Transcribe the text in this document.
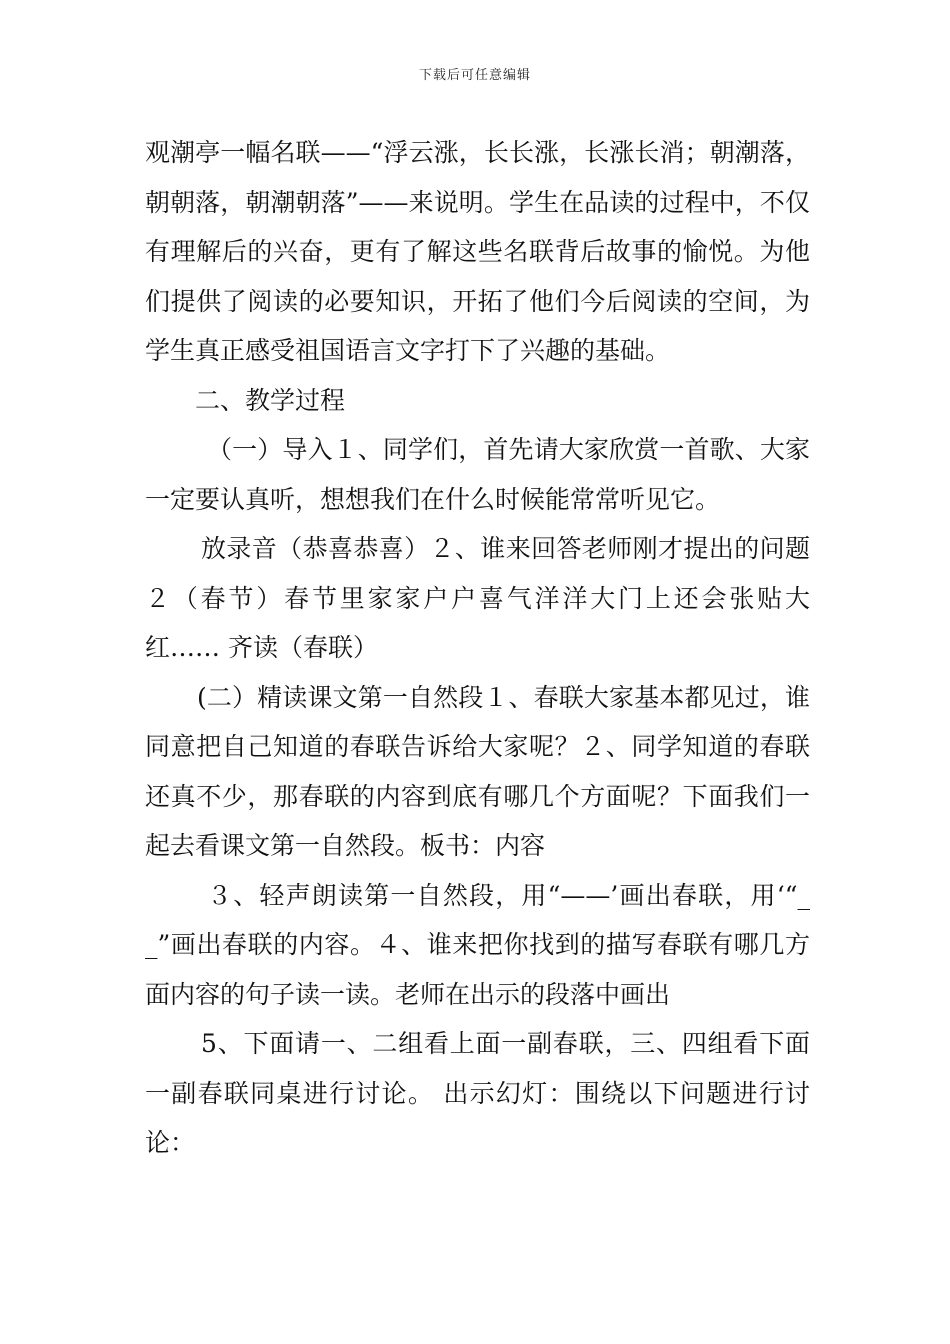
下载后可任意编辑

观潮亭一幅名联——“浮云涨，长长涨，长涨长消；朝潮落，朝朝落，朝潮朝落”——来说明。学生在品读的过程中，不仅有理解后的兴奋，更有了解这些名联背后故事的愉悦。为他们提供了阅读的必要知识，开拓了他们今后阅读的空间，为学生真正感受祖国语言文字打下了兴趣的基础。

二、教学过程

（一）导入１、同学们，首先请大家欣赏一首歌、大家一定要认真听，想想我们在什么时候能常常听见它。

放录音（恭喜恭喜）２、谁来回答老师刚才提出的问题２（春节）春节里家家户户喜气洋洋大门上还会张贴大红…… 齐读（春联）

(二）精读课文第一自然段１、春联大家基本都见过，谁同意把自己知道的春联告诉给大家呢？２、同学知道的春联还真不少，那春联的内容到底有哪几个方面呢？下面我们一起去看课文第一自然段。板书：内容

３、轻声朗读第一自然段，用“——’画出春联，用‘“__”画出春联的内容。４、谁来把你找到的描写春联有哪几方面内容的句子读一读。老师在出示的段落中画出

5、下面请一、二组看上面一副春联，三、四组看下面一副春联同桌进行讨论。 出示幻灯：围绕以下问题进行讨论：
